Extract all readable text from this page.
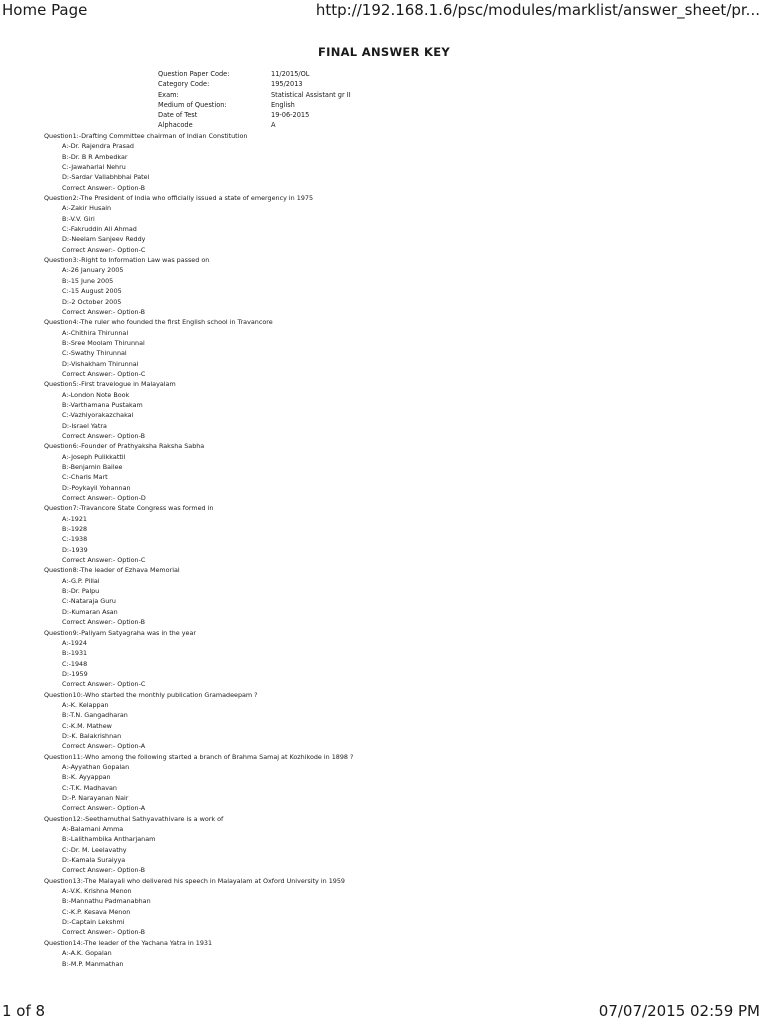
Home Page	http://192.168.1.6/psc/modules/marklist/answer_sheet/pr...
FINAL ANSWER KEY
Question Paper Code:	11/2015/OL
Category Code:	195/2013
Exam:	Statistical Assistant gr II
Medium of Question:	English
Date of Test	19-06-2015
Alphacode	A
Question1:-Drafting Committee chairman of Indian Constitution
A:-Dr. Rajendra Prasad
B:-Dr. B R Ambedkar
C:-Jawaharlal Nehru
D:-Sardar Vallabhbhai Patel
Correct Answer:- Option-B
Question2:-The President of India who officially issued a state of emergency in 1975
A:-Zakir Husain
B:-V.V. Giri
C:-Fakruddin Ali Ahmad
D:-Neelam Sanjeev Reddy
Correct Answer:- Option-C
Question3:-Right to Information Law was passed on
A:-26 January 2005
B:-15 June 2005
C:-15 August 2005
D:-2 October 2005
Correct Answer:- Option-B
Question4:-The ruler who founded the first English school in Travancore
A:-Chithira Thirunnal
B:-Sree Moolam Thirunnal
C:-Swathy Thirunnal
D:-Vishakham Thirunnal
Correct Answer:- Option-C
Question5:-First travelogue in Malayalam
A:-London Note Book
B:-Varthamana Pustakam
C:-Vazhiyorakazchakal
D:-Israel Yatra
Correct Answer:- Option-B
Question6:-Founder of Prathyaksha Raksha Sabha
A:-Joseph Pulikkattil
B:-Benjamin Bailee
C:-Charls Mart
D:-Poykayil Yohannan
Correct Answer:- Option-D
Question7:-Travancore State Congress was formed in
A:-1921
B:-1928
C:-1938
D:-1939
Correct Answer:- Option-C
Question8:-The leader of Ezhava Memorial
A:-G.P. Pillai
B:-Dr. Palpu
C:-Nataraja Guru
D:-Kumaran Asan
Correct Answer:- Option-B
Question9:-Paliyam Satyagraha was in the year
A:-1924
B:-1931
C:-1948
D:-1959
Correct Answer:- Option-C
Question10:-Who started the monthly publication Gramadeepam ?
A:-K. Kelappan
B:-T.N. Gangadharan
C:-K.M. Mathew
D:-K. Balakrishnan
Correct Answer:- Option-A
Question11:-Who among the following started a branch of Brahma Samaj at Kozhikode in 1898 ?
A:-Ayyathan Gopalan
B:-K. Ayyappan
C:-T.K. Madhavan
D:-P. Narayanan Nair
Correct Answer:- Option-A
Question12:-Seethamuthal Sathyavathivare is a work of
A:-Balamani Amma
B:-Lalithambika Antharjanam
C:-Dr. M. Leelavathy
D:-Kamala Suraiyya
Correct Answer:- Option-B
Question13:-The Malayali who delivered his speech in Malayalam at Oxford University in 1959
A:-V.K. Krishna Menon
B:-Mannathu Padmanabhan
C:-K.P. Kesava Menon
D:-Captain Lekshmi
Correct Answer:- Option-B
Question14:-The leader of the Yachana Yatra in 1931
A:-A.K. Gopalan
B:-M.P. Manmathan
1 of 8	07/07/2015 02:59 PM
